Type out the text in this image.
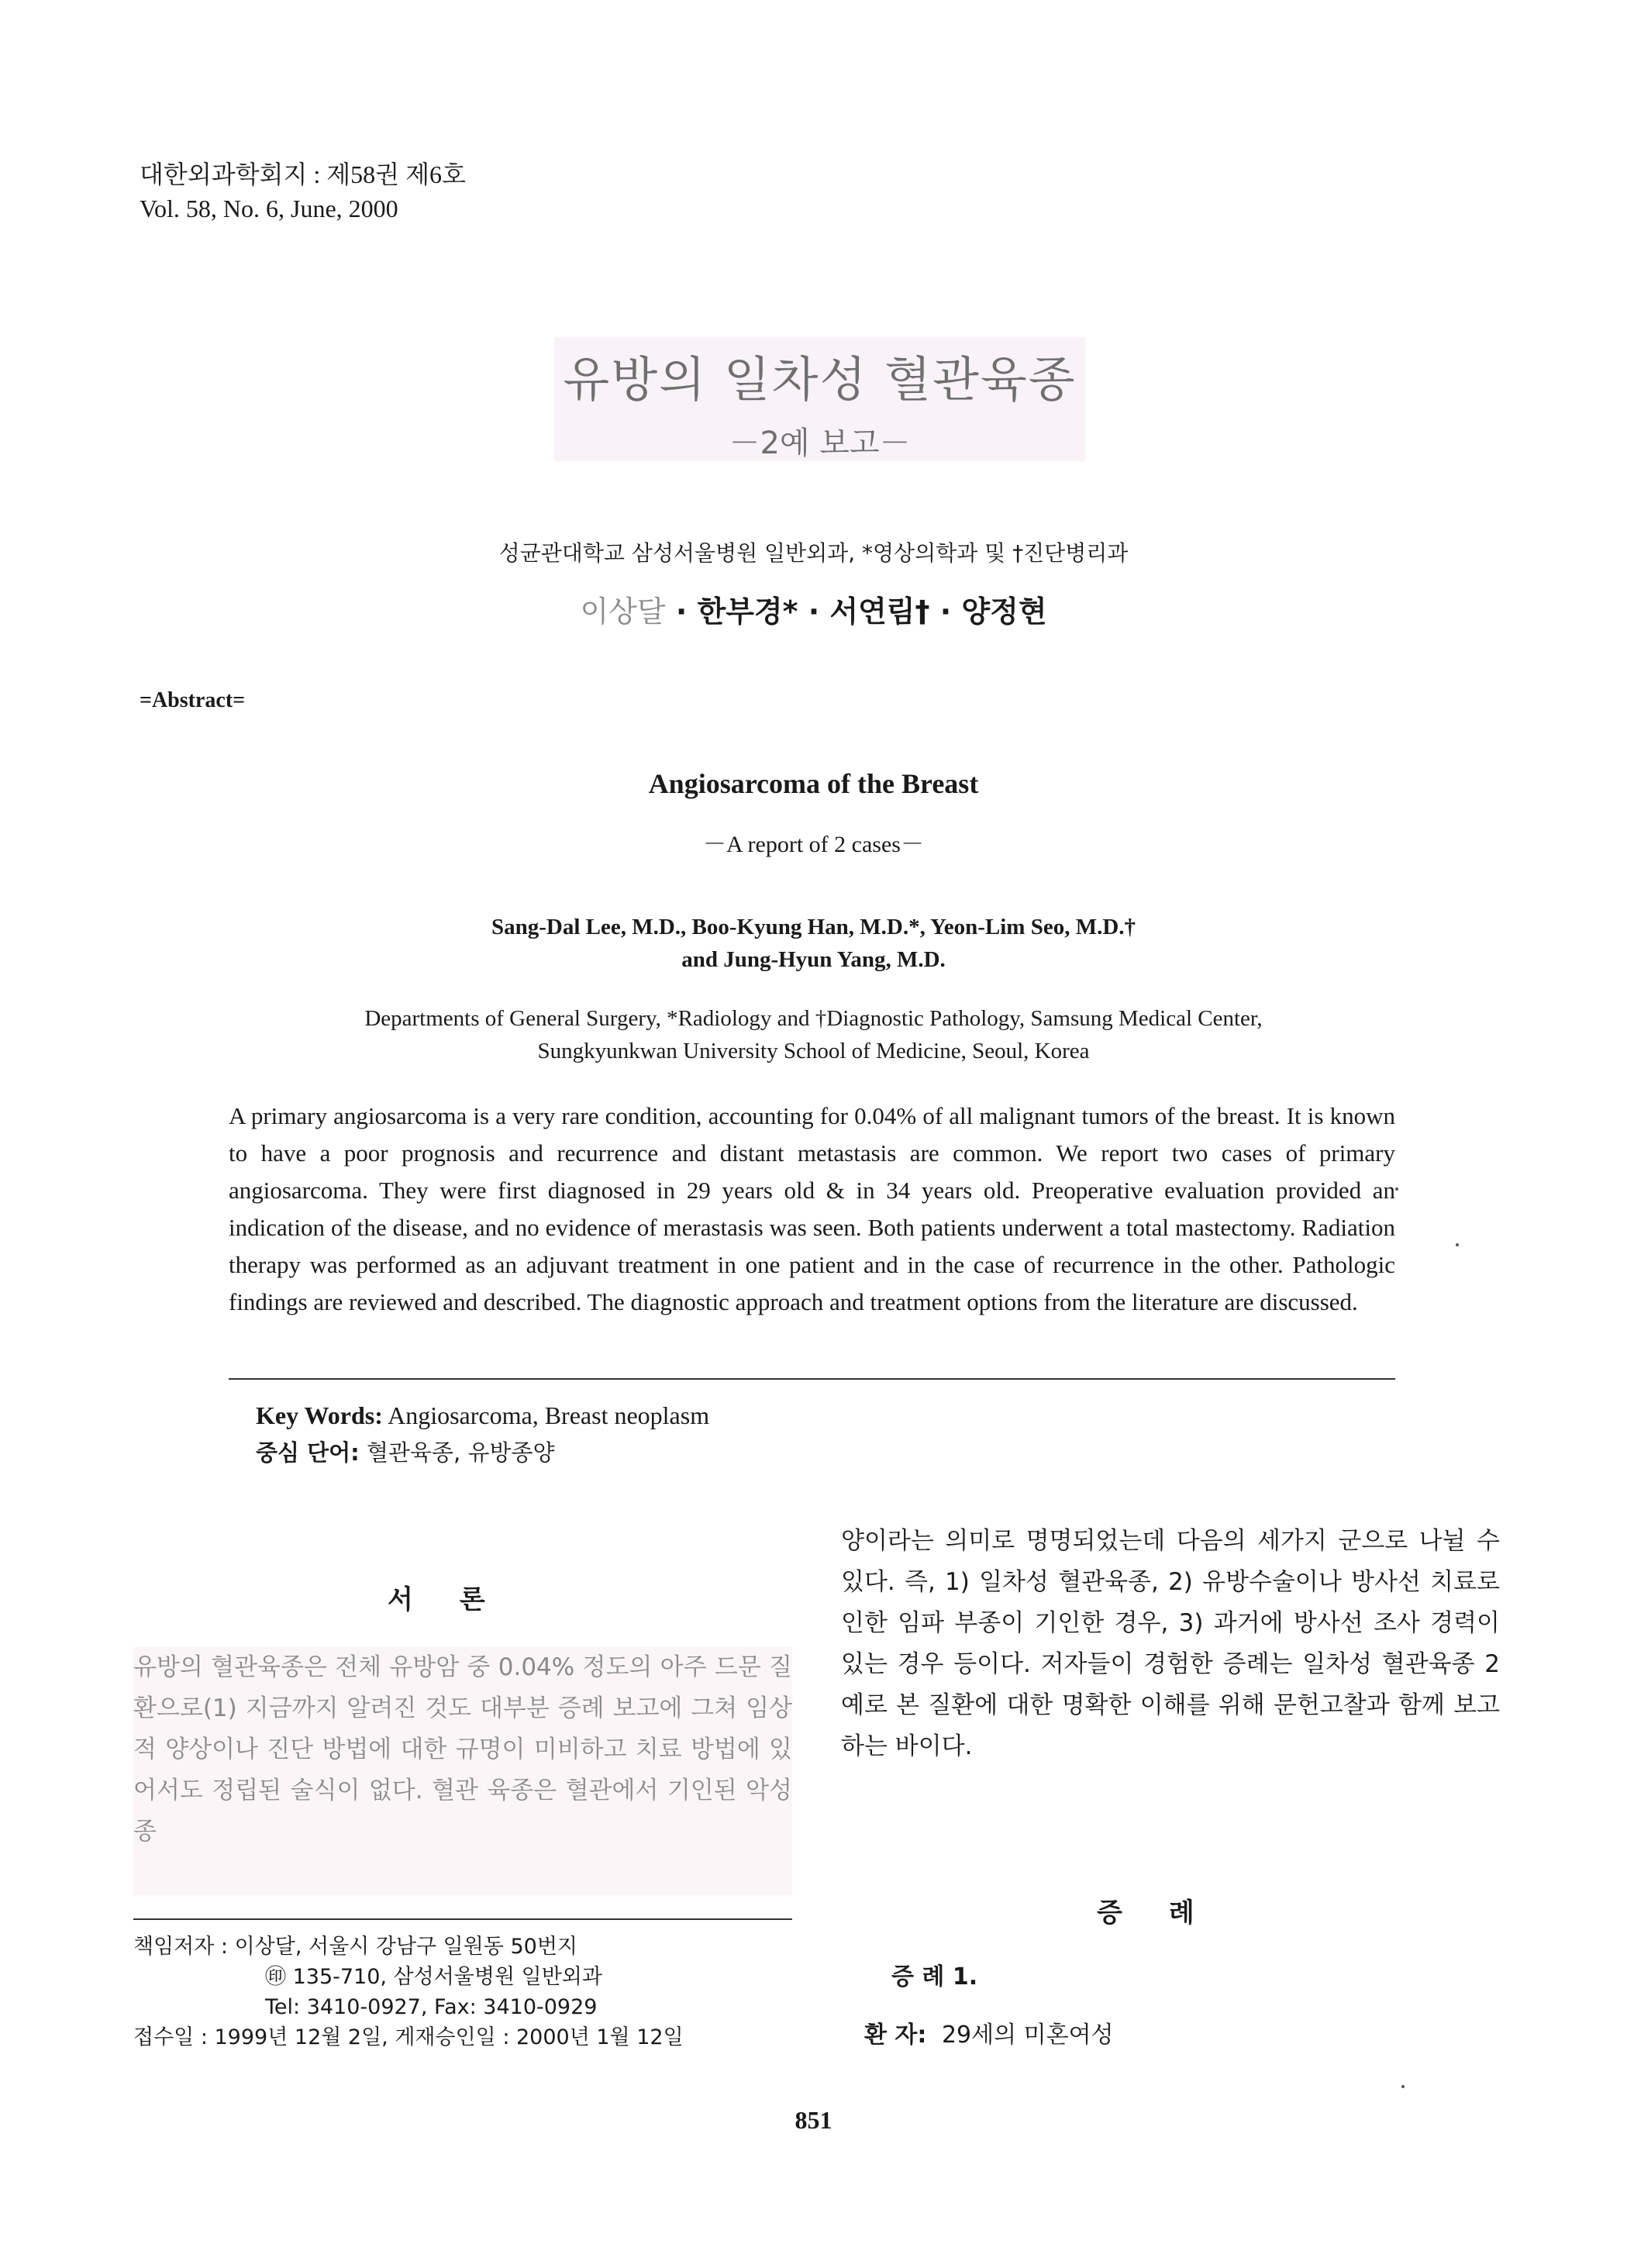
대한외과학회지 : 제58권 제6호
Vol. 58, No. 6, June, 2000
유방의 일차성 혈관육종
－2예 보고－
성균관대학교 삼성서울병원 일반외과, *영상의학과 및 †진단병리과
이상달 · 한부경* · 서연림† · 양정현
=Abstract=
Angiosarcoma of the Breast
－A report of 2 cases－
Sang-Dal Lee, M.D., Boo-Kyung Han, M.D.*, Yeon-Lim Seo, M.D.†
and Jung-Hyun Yang, M.D.
Departments of General Surgery, *Radiology and †Diagnostic Pathology, Samsung Medical Center,
Sungkyunkwan University School of Medicine, Seoul, Korea
A primary angiosarcoma is a very rare condition, accounting for 0.04% of all malignant tumors of the breast. It is known to have a poor prognosis and recurrence and distant metastasis are common. We report two cases of primary angiosarcoma. They were first diagnosed in 29 years old & in 34 years old. Preoperative evaluation provided an indication of the disease, and no evidence of merastasis was seen. Both patients underwent a total mastectomy. Radiation therapy was performed as an adjuvant treatment in one patient and in the case of recurrence in the other. Pathologic findings are reviewed and described. The diagnostic approach and treatment options from the literature are discussed.
Key Words: Angiosarcoma, Breast neoplasm
중심 단어: 혈관육종, 유방종양
서론
유방의 혈관육종은 전체 유방암 중 0.04% 정도의 아주 드문 질환으로(1) 지금까지 알려진 것도 대부분 증례 보고에 그쳐 임상적 양상이나 진단 방법에 대한 규명이 미비하고 치료 방법에 있어서도 정립된 술식이 없다. 혈관 육종은 혈관에서 기인된 악성 종
양이라는 의미로 명명되었는데 다음의 세가지 군으로 나뉠 수 있다. 즉, 1) 일차성 혈관육종, 2) 유방수술이나 방사선 치료로 인한 임파 부종이 기인한 경우, 3) 과거에 방사선 조사 경력이 있는 경우 등이다. 저자들이 경험한 증례는 일차성 혈관육종 2예로 본 질환에 대한 명확한 이해를 위해 문헌고찰과 함께 보고하는 바이다.
책임저자 : 이상달, 서울시 강남구 일원동 50번지
㊞ 135-710, 삼성서울병원 일반외과
Tel: 3410-0927, Fax: 3410-0929
접수일 : 1999년 12월 2일, 게재승인일 : 2000년 1월 12일
증례
증 례 1.
환 자: 29세의 미혼여성
851
